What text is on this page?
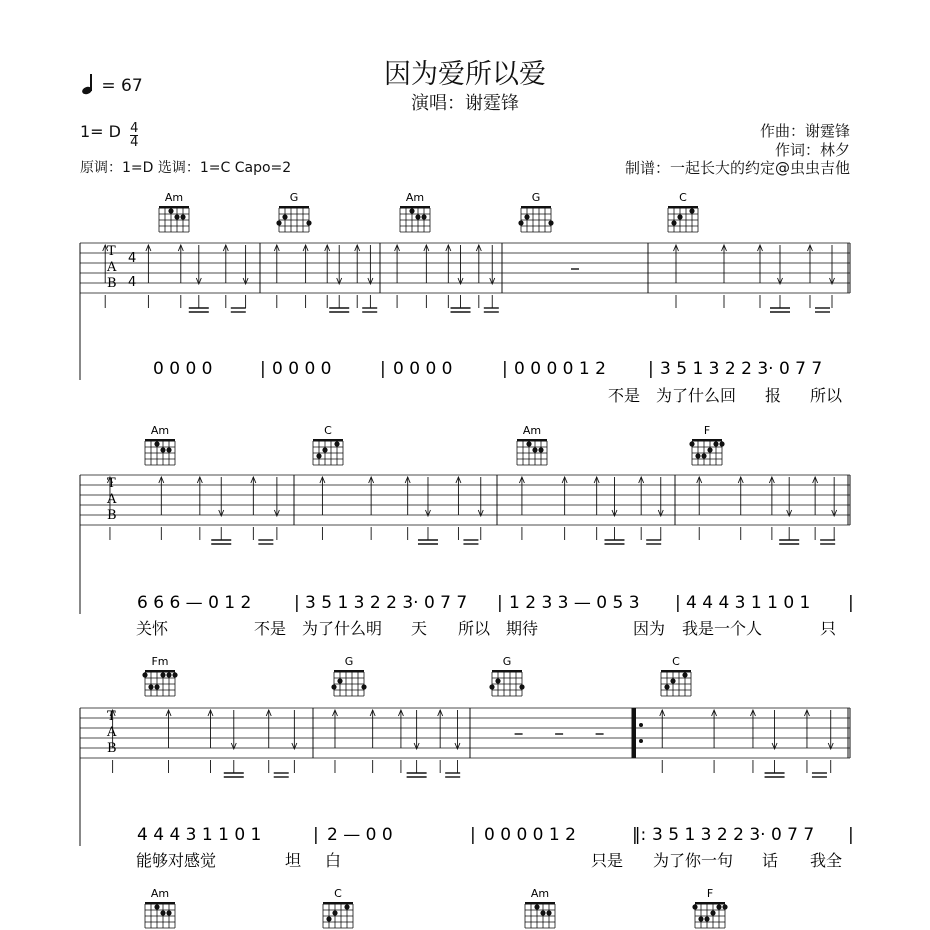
因为爱所以爱
演唱：谢霆锋
= 67
1= D $\frac{4}{4}$
原调：1=D 选调：1=C Capo=2
作曲：谢霆锋
作词：林夕
制谱：一起长大的约定@虫虫吉他
Am	G	Am	G	C
T
A
B
4
4
0 0 0 0	| 0 0 0 0	| 0 0 0 0	| 0 0 0 0 1 2 | 3 5 1 3 2 2 3· 0 7 7
不是 为了什么回 报 所以
Am	C	Am	F
T
A
B
6 6 6 — 0 1 2	| 3 5 1 3 2 2 3· 0 7 7 | 1 2 3 3 — 0 5 3 | 4 4 4 3 1 1 0 1 |
关怀	不是 为了什么明 天 所以 期待	因为 我是一个人	只
Fm	G	G	C
T
A
B
4 4 4 3 1 1 0 1	| 2 — 0 0	| 0 0 0 0 1 2	‖: 3 5 1 3 2 2 3· 0 7 7 |
能够对感觉	坦 白	只是 为了你一句 话 我全
Am	C	Am	F
